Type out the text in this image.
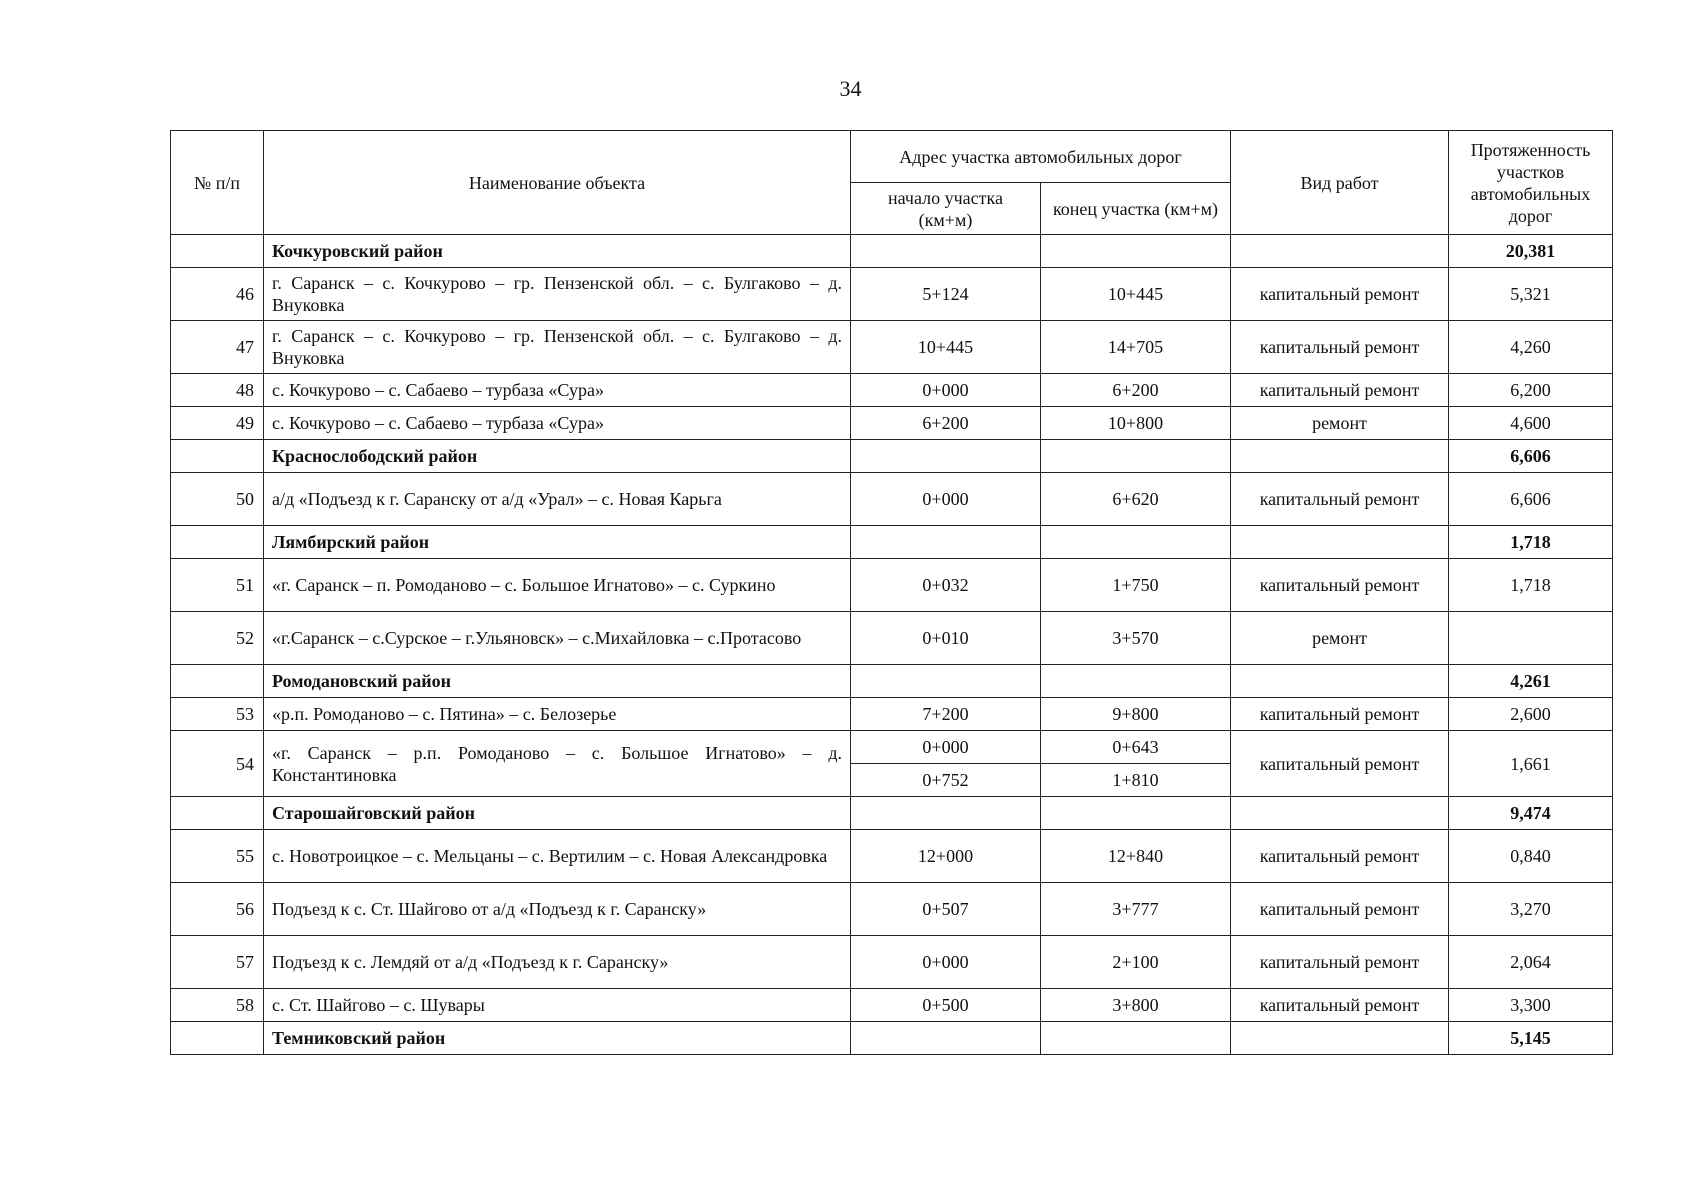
34
№ п/п	Наименование объекта	Адрес участка автомобильных дорог		Вид работ	Протяженность участков автомобильных дорог
		начало участка (км+м)	конец участка (км+м)		
	Кочкуровский район				20,381
46	г. Саранск – с. Кочкурово – гр. Пензенской обл. – с. Булгаково – д. Внуковка	5+124	10+445	капитальный ремонт	5,321
47	г. Саранск – с. Кочкурово – гр. Пензенской обл. – с. Булгаково – д. Внуковка	10+445	14+705	капитальный ремонт	4,260
48	с. Кочкурово – с. Сабаево – турбаза «Сура»	0+000	6+200	капитальный ремонт	6,200
49	с. Кочкурово – с. Сабаево – турбаза «Сура»	6+200	10+800	ремонт	4,600
	Краснослободский район				6,606
50	а/д «Подъезд к г. Саранску от а/д «Урал» – с. Новая Карьга	0+000	6+620	капитальный ремонт	6,606
	Лямбирский район				1,718
51	«г. Саранск – п. Ромоданово – с. Большое Игнатово» – с. Суркино	0+032	1+750	капитальный ремонт	1,718
52	«г.Саранск – с.Сурское – г.Ульяновск» – с.Михайловка – с.Протасово	0+010	3+570	ремонт	
	Ромодановский район				4,261
53	«р.п. Ромоданово – с. Пятина» – с. Белозерье	7+200	9+800	капитальный ремонт	2,600
54	«г. Саранск – р.п. Ромоданово – с. Большое Игнатово» – д. Константиновка	0+000	0+643	капитальный ремонт	1,661
		0+752	1+810		
	Старошайговский район				9,474
55	с. Новотроицкое – с. Мельцаны – с. Вертилим – с. Новая Александровка	12+000	12+840	капитальный ремонт	0,840
56	Подъезд к с. Ст. Шайгово от а/д «Подъезд к г. Саранску»	0+507	3+777	капитальный ремонт	3,270
57	Подъезд к с. Лемдяй от а/д «Подъезд к г. Саранску»	0+000	2+100	капитальный ремонт	2,064
58	с. Ст. Шайгово – с. Шувары	0+500	3+800	капитальный ремонт	3,300
	Темниковский район				5,145
